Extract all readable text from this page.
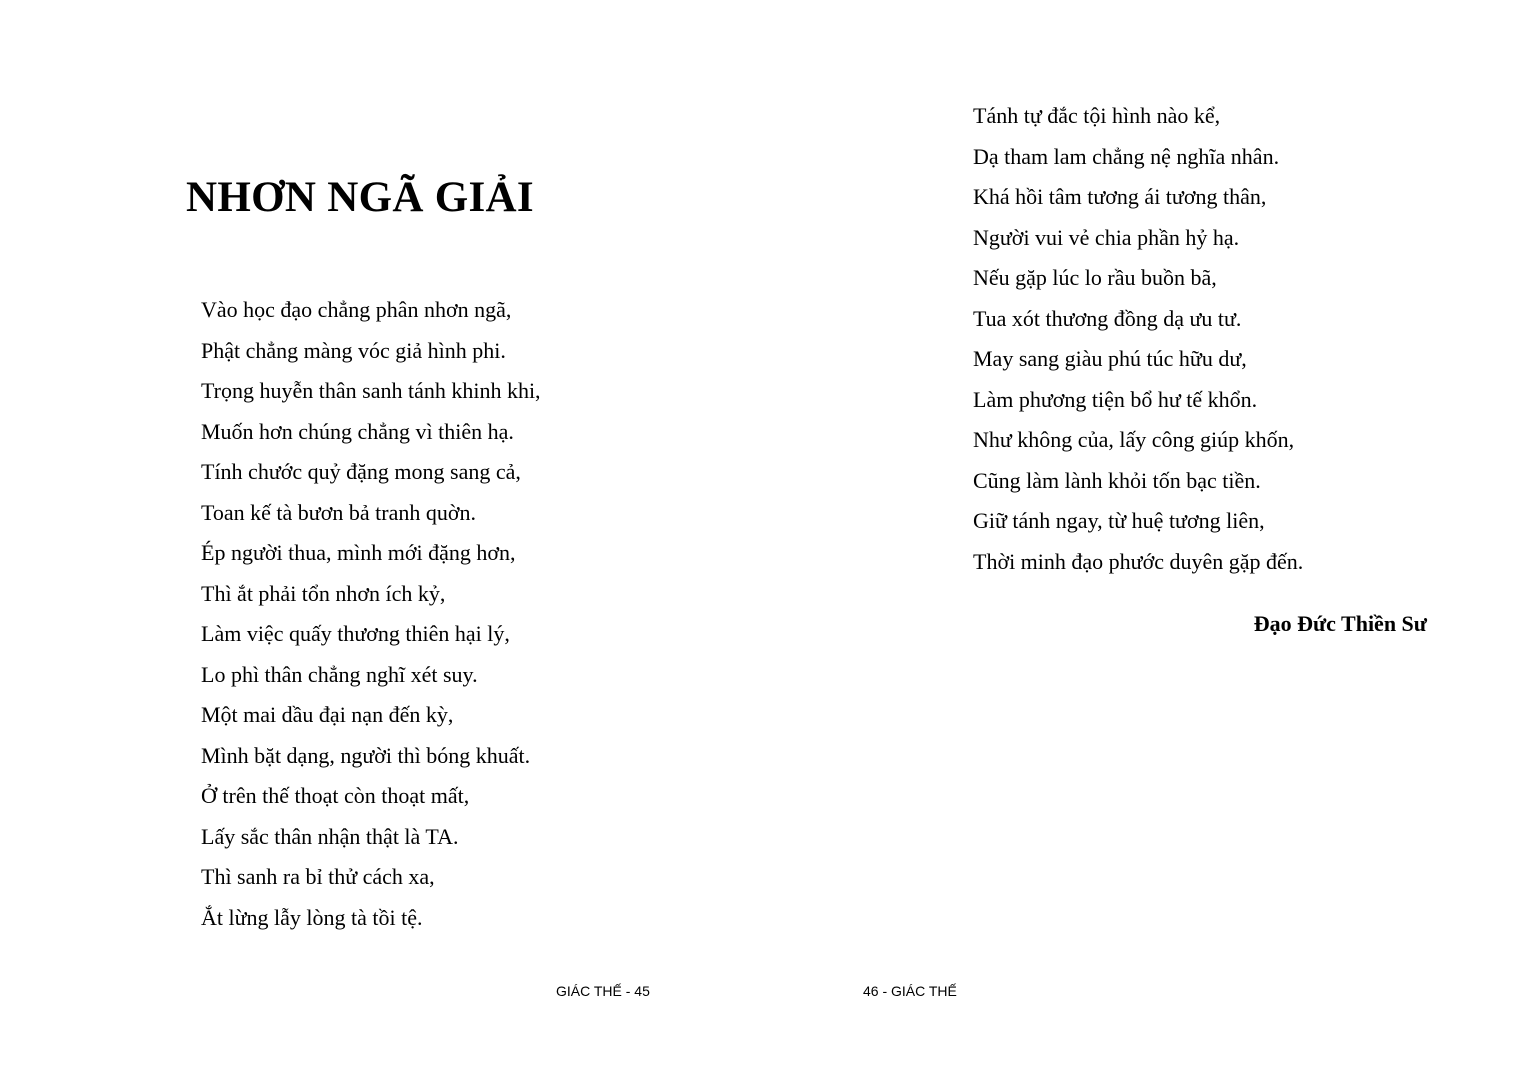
NHƠN NGÃ GIẢI
Vào học đạo chẳng phân nhơn ngã,
Phật chẳng màng vóc giả hình phi.
Trọng huyễn thân sanh tánh khinh khi,
Muốn hơn chúng chẳng vì thiên hạ.
Tính chước quỷ đặng mong sang cả,
Toan kế tà bươn bả tranh quờn.
Ép người thua, mình mới đặng hơn,
Thì ắt phải tổn nhơn ích kỷ,
Làm việc quấy thương thiên hại lý,
Lo phì thân chẳng nghĩ xét suy.
Một mai dầu đại nạn đến kỳ,
Mình bặt dạng, người thì bóng khuất.
Ở trên thế thoạt còn thoạt mất,
Lấy sắc thân nhận thật là TA.
Thì sanh ra bỉ thử cách xa,
Ắt lừng lẫy lòng tà tồi tệ.
GIÁC THẾ - 45
Tánh tự đắc tội hình nào kể,
Dạ tham lam chẳng nệ nghĩa nhân.
Khá hồi tâm tương ái tương thân,
Người vui vẻ chia phần hỷ hạ.
Nếu gặp lúc lo rầu buồn bã,
Tua xót thương đồng dạ ưu tư.
May sang giàu phú túc hữu dư,
Làm phương tiện bổ hư tế khổn.
Như không của, lấy công giúp khốn,
Cũng làm lành khỏi tốn bạc tiền.
Giữ tánh ngay, từ huệ tương liên,
Thời minh đạo phước duyên gặp đến.

Đạo Đức Thiền Sư

46 - GIÁC THẾ
